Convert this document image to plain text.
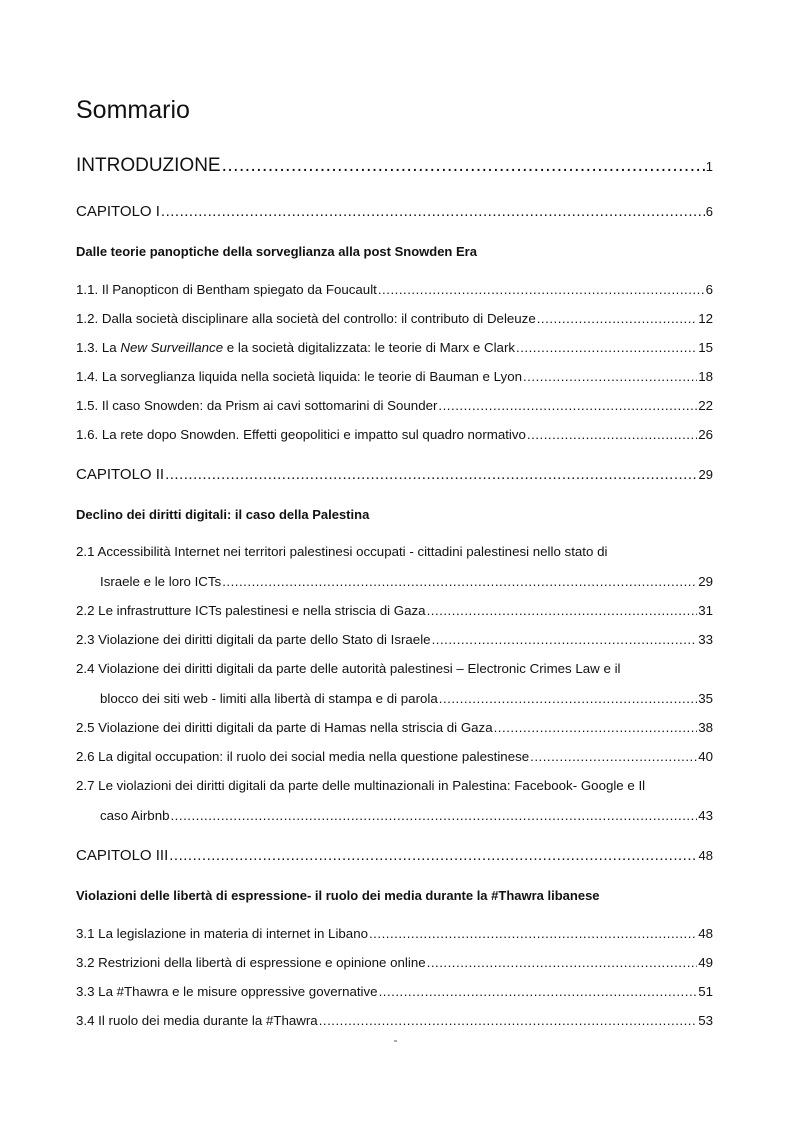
Sommario
INTRODUZIONE .....	1
CAPITOLO I .....	6
Dalle teorie panoptiche della sorveglianza alla post Snowden Era
1.1. Il Panopticon di Bentham spiegato da Foucault .....	6
1.2. Dalla società disciplinare alla società del controllo: il contributo di Deleuze .....	12
1.3. La New Surveillance e la società digitalizzata: le teorie di Marx e Clark .....	15
1.4. La sorveglianza liquida nella società liquida: le teorie di Bauman e Lyon .....	18
1.5. Il caso Snowden: da Prism ai cavi sottomarini di Sounder .....	22
1.6. La rete dopo Snowden. Effetti geopolitici e impatto sul quadro normativo .....	26
CAPITOLO II .....	29
Declino dei diritti digitali: il caso della Palestina
2.1 Accessibilità Internet nei territori palestinesi occupati - cittadini palestinesi nello stato di
Israele e le loro ICTs .....	29
2.2 Le infrastrutture ICTs palestinesi e nella striscia di Gaza .....	31
2.3 Violazione dei diritti digitali da parte dello Stato di Israele .....	33
2.4 Violazione dei diritti digitali da parte delle autorità palestinesi – Electronic Crimes Law e il
blocco dei siti web - limiti alla libertà di stampa e di parola .....	35
2.5 Violazione dei diritti digitali da parte di Hamas nella striscia di Gaza .....	38
2.6 La digital occupation: il ruolo dei social media nella questione palestinese .....	40
2.7 Le violazioni dei diritti digitali da parte delle multinazionali in Palestina: Facebook- Google e Il
caso Airbnb .....	43
CAPITOLO III .....	48
Violazioni delle libertà di espressione- il ruolo dei media durante la #Thawra libanese
3.1 La legislazione in materia di internet in Libano .....	48
3.2 Restrizioni della libertà di espressione e opinione online .....	49
3.3 La #Thawra e le misure oppressive governative .....	51
3.4 Il ruolo dei media durante la #Thawra .....	53
